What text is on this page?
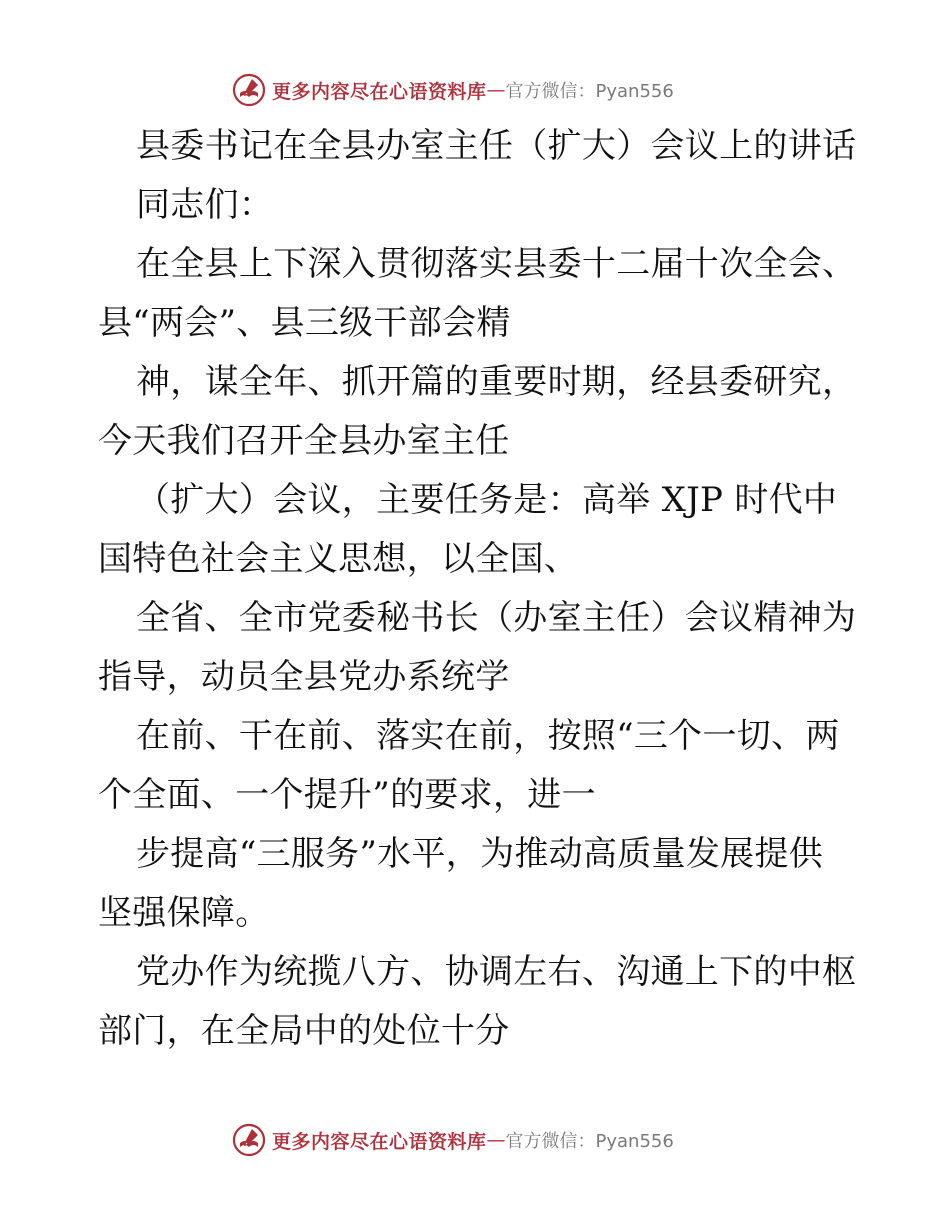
更多内容尽在心语资料库 — 官方微信：Pyan556
县委书记在全县办室主任（扩大）会议上的讲话
同志们：
在全县上下深入贯彻落实县委十二届十次全会、
县“两会”、县三级干部会精
神，谋全年、抓开篇的重要时期，经县委研究，
今天我们召开全县办室主任
（扩大）会议，主要任务是：高举 XJP 时代中
国特色社会主义思想，以全国、
全省、全市党委秘书长（办室主任）会议精神为
指导，动员全县党办系统学
在前、干在前、落实在前，按照“三个一切、两
个全面、一个提升”的要求，进一
步提高“三服务”水平，为推动高质量发展提供
坚强保障。
党办作为统揽八方、协调左右、沟通上下的中枢
部门，在全局中的处位十分
更多内容尽在心语资料库 — 官方微信：Pyan556
